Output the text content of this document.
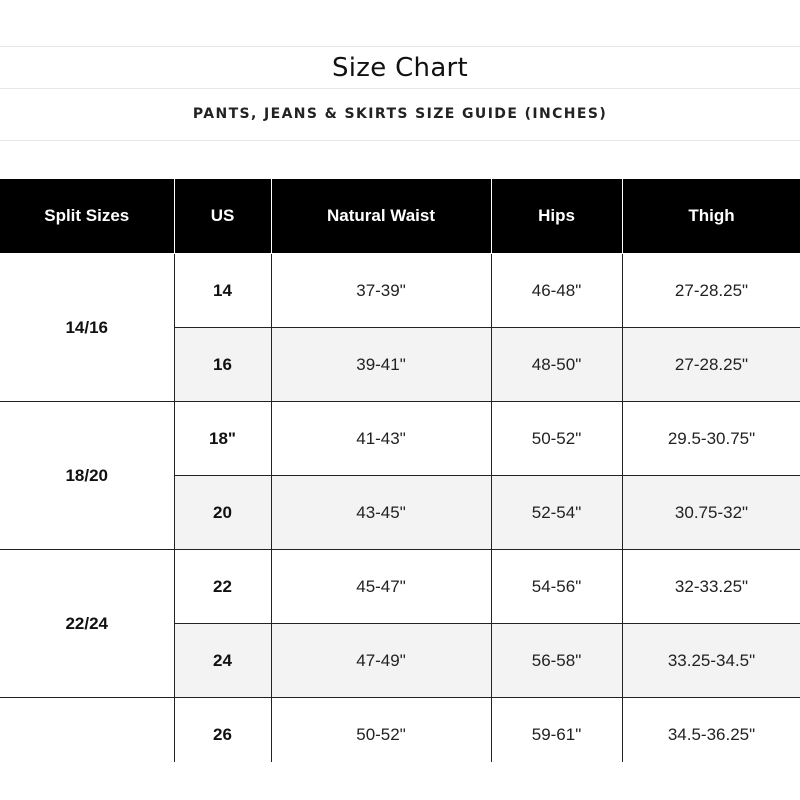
Size Chart
PANTS, JEANS & SKIRTS SIZE GUIDE (INCHES)
Split Sizes	US	Natural Waist	Hips	Thigh
14/16	14	37-39"	46-48"	27-28.25"
	16	39-41"	48-50"	27-28.25"
18/20	18"	41-43"	50-52"	29.5-30.75"
	20	43-45"	52-54"	30.75-32"
22/24	22	45-47"	54-56"	32-33.25"
	24	47-49"	56-58"	33.25-34.5"
	26	50-52"	59-61"	34.5-36.25"
